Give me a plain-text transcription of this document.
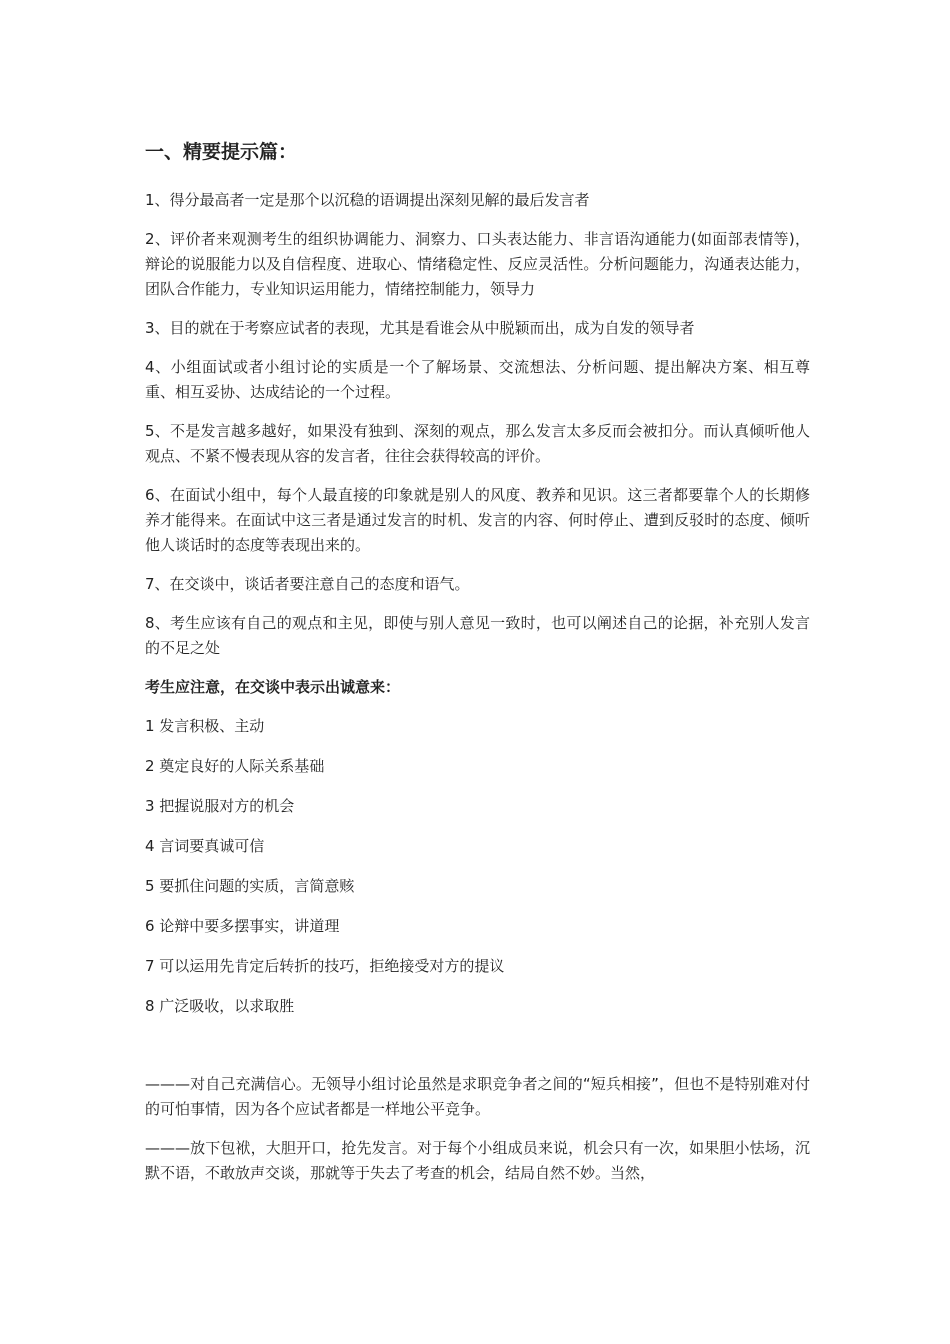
一、精要提示篇：

1、得分最高者一定是那个以沉稳的语调提出深刻见解的最后发言者

2、评价者来观测考生的组织协调能力、洞察力、口头表达能力、非言语沟通能力(如面部表情等)，辩论的说服能力以及自信程度、进取心、情绪稳定性、反应灵活性。分析问题能力，沟通表达能力，团队合作能力，专业知识运用能力，情绪控制能力，领导力

3、目的就在于考察应试者的表现，尤其是看谁会从中脱颖而出，成为自发的领导者

4、小组面试或者小组讨论的实质是一个了解场景、交流想法、分析问题、提出解决方案、相互尊重、相互妥协、达成结论的一个过程。

5、不是发言越多越好，如果没有独到、深刻的观点，那么发言太多反而会被扣分。而认真倾听他人观点、不紧不慢表现从容的发言者，往往会获得较高的评价。

6、在面试小组中，每个人最直接的印象就是别人的风度、教养和见识。这三者都要靠个人的长期修养才能得来。在面试中这三者是通过发言的时机、发言的内容、何时停止、遭到反驳时的态度、倾听他人谈话时的态度等表现出来的。

7、在交谈中，谈话者要注意自己的态度和语气。

8、考生应该有自己的观点和主见，即使与别人意见一致时，也可以阐述自己的论据，补充别人发言的不足之处

考生应注意，在交谈中表示出诚意来：

1 发言积极、主动

2 奠定良好的人际关系基础

3 把握说服对方的机会

4 言词要真诚可信

5 要抓住问题的实质，言简意赅

6 论辩中要多摆事实，讲道理

7 可以运用先肯定后转折的技巧，拒绝接受对方的提议

8 广泛吸收，以求取胜

———对自己充满信心。无领导小组讨论虽然是求职竞争者之间的“短兵相接”，但也不是特别难对付的可怕事情，因为各个应试者都是一样地公平竞争。

———放下包袱，大胆开口，抢先发言。对于每个小组成员来说，机会只有一次，如果胆小怯场，沉默不语，不敢放声交谈，那就等于失去了考查的机会，结局自然不妙。当然，
